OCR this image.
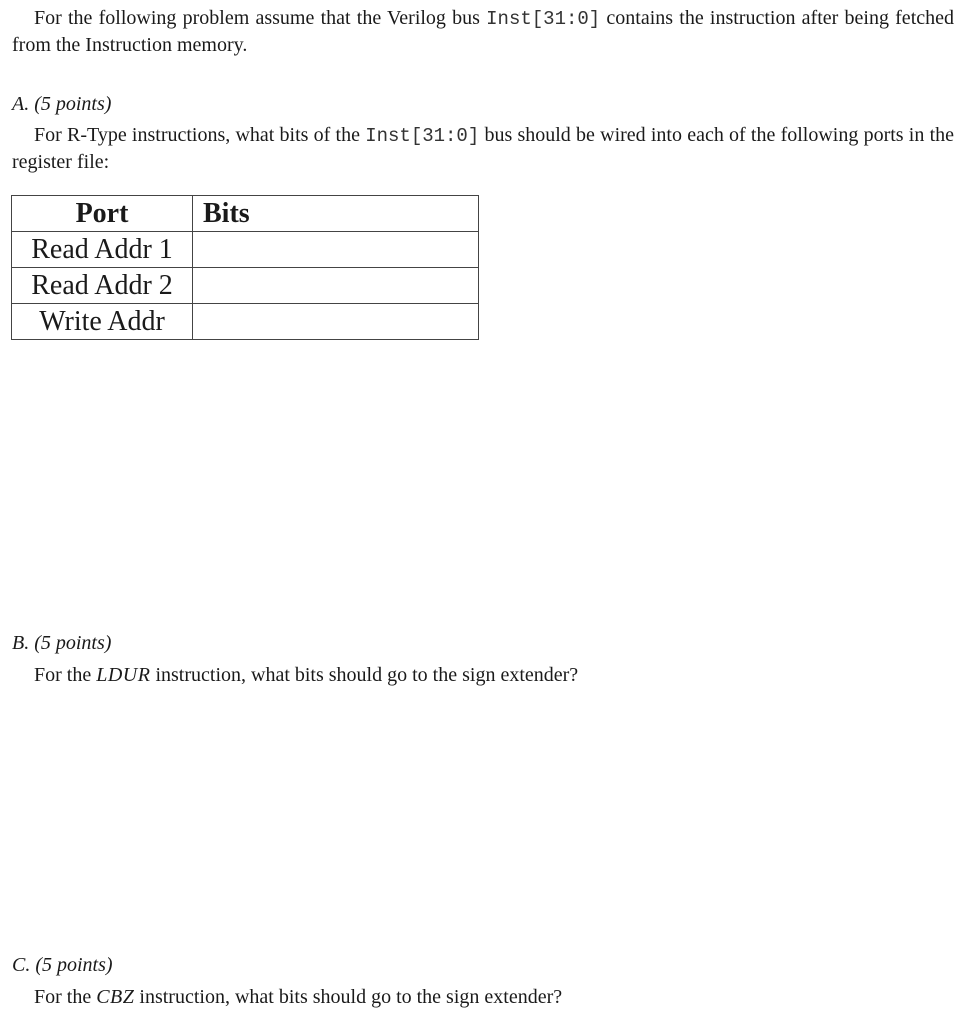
For the following problem assume that the Verilog bus Inst[31:0] contains the instruction after being fetched from the Instruction memory.
A. (5 points)
For R-Type instructions, what bits of the Inst[31:0] bus should be wired into each of the following ports in the register file:
Port	Bits
Read Addr 1	
Read Addr 2	
Write Addr	
B. (5 points)
For the LDUR instruction, what bits should go to the sign extender?
C. (5 points)
For the CBZ instruction, what bits should go to the sign extender?
